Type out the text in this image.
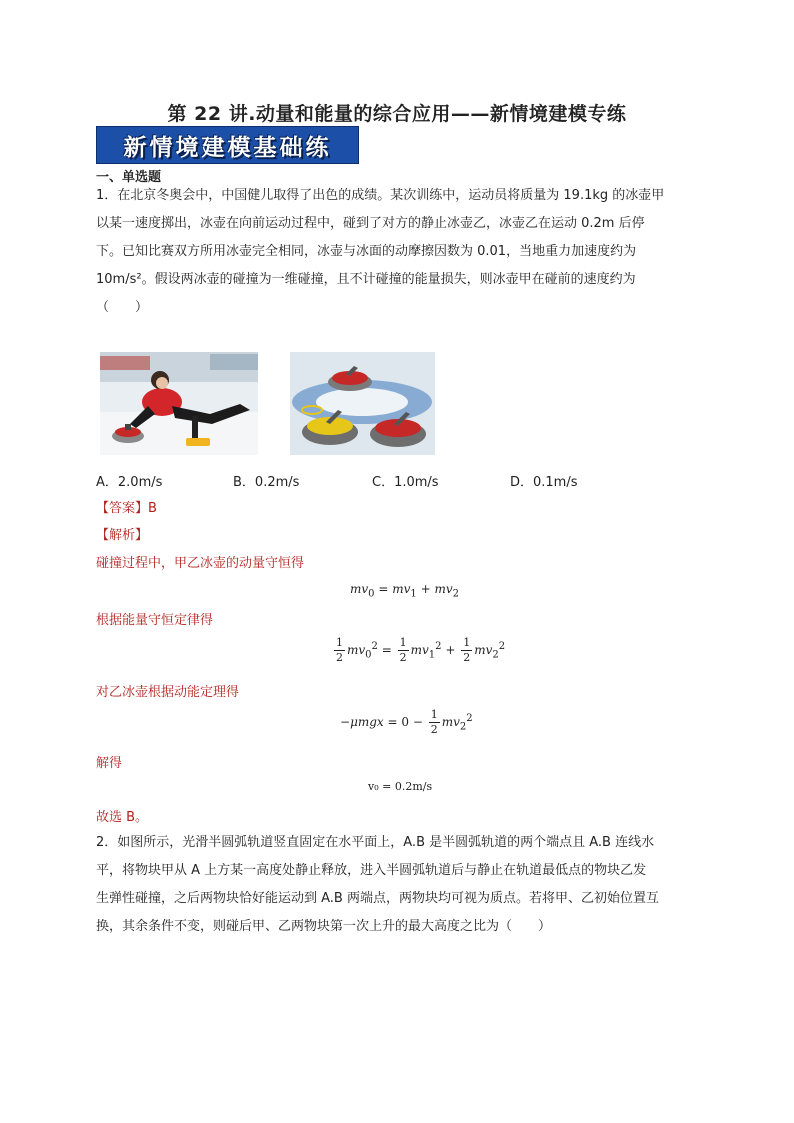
第 22 讲.动量和能量的综合应用——新情境建模专练
新情境建模基础练
一、单选题
1．在北京冬奥会中，中国健儿取得了出色的成绩。某次训练中，运动员将质量为 19.1kg 的冰壶甲
以某一速度掷出，冰壶在向前运动过程中，碰到了对方的静止冰壶乙，冰壶乙在运动 0.2m 后停
下。已知比赛双方所用冰壶完全相同，冰壶与冰面的动摩擦因数为 0.01，当地重力加速度约为
10m/s²。假设两冰壶的碰撞为一维碰撞，且不计碰撞的能量损失，则冰壶甲在碰前的速度约为
（　　）
A．2.0m/s	B．0.2m/s	C．1.0m/s	D．0.1m/s
【答案】B
【解析】
碰撞过程中，甲乙冰壶的动量守恒得
$mv_0 = mv_1 + mv_2$
根据能量守恒定律得
$\frac{1}{2} mv_0^2 = \frac{1}{2} mv_1^2 + \frac{1}{2} mv_2^2$
对乙冰壶根据动能定理得
$-\mu mgx = 0 - \frac{1}{2} mv_2^2$
解得
v₀ = 0.2m/s
故选 B。
2．如图所示，光滑半圆弧轨道竖直固定在水平面上，A.B 是半圆弧轨道的两个端点且 A.B 连线水
平，将物块甲从 A 上方某一高度处静止释放，进入半圆弧轨道后与静止在轨道最低点的物块乙发
生弹性碰撞，之后两物块恰好能运动到 A.B 两端点，两物块均可视为质点。若将甲、乙初始位置互
换，其余条件不变，则碰后甲、乙两物块第一次上升的最大高度之比为（　　）
